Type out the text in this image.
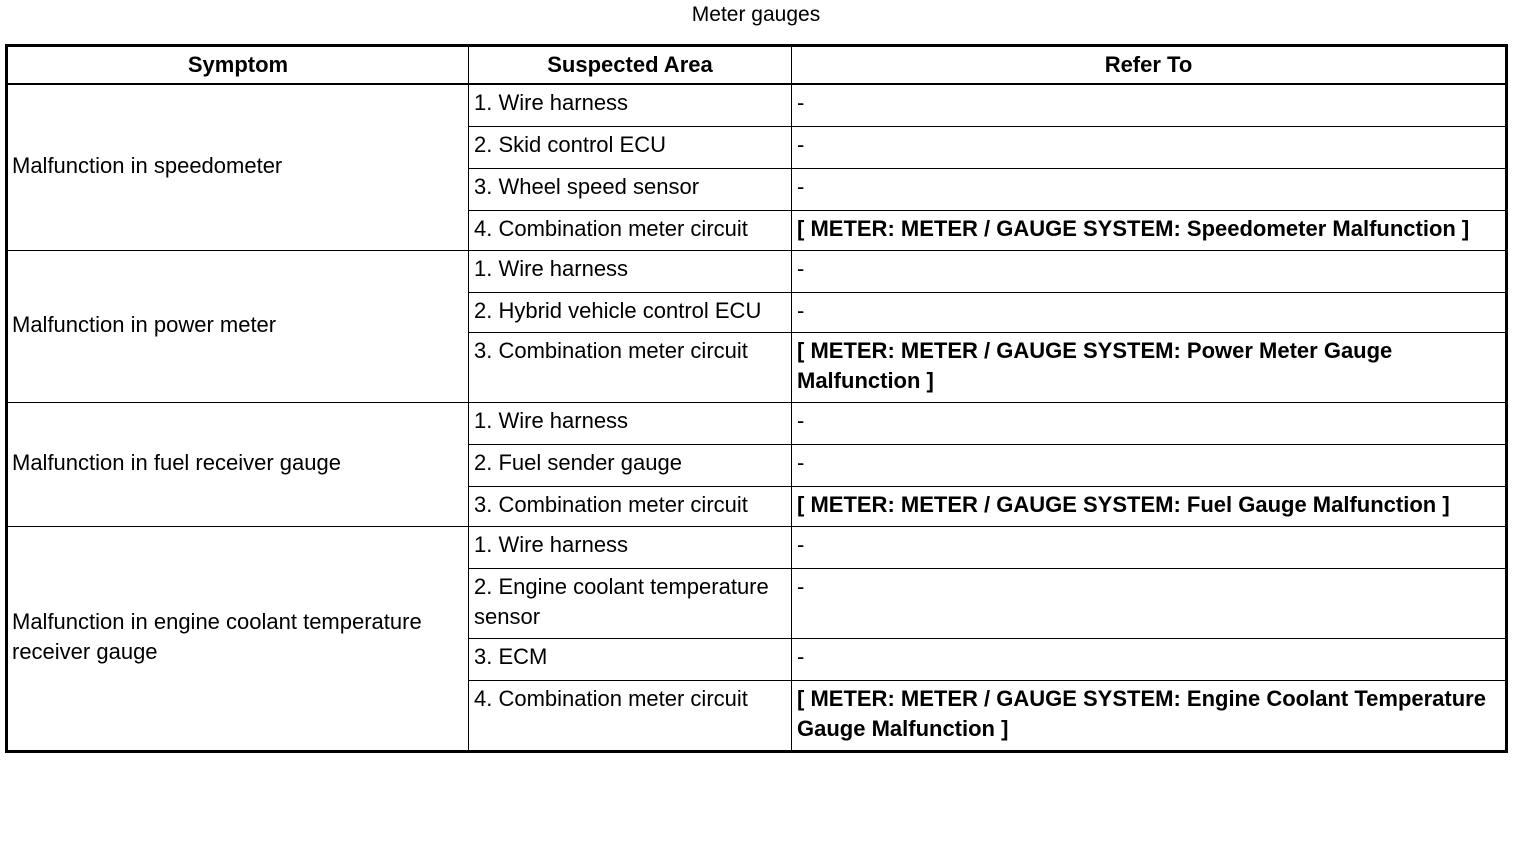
Meter gauges
Symptom	Suspected Area	Refer To
Malfunction in speedometer	1. Wire harness	-
	2. Skid control ECU	-
	3. Wheel speed sensor	-
	4. Combination meter circuit	[ METER: METER / GAUGE SYSTEM: Speedometer Malfunction ]
Malfunction in power meter	1. Wire harness	-
	2. Hybrid vehicle control ECU	-
	3. Combination meter circuit	[ METER: METER / GAUGE SYSTEM: Power Meter Gauge Malfunction ]
Malfunction in fuel receiver gauge	1. Wire harness	-
	2. Fuel sender gauge	-
	3. Combination meter circuit	[ METER: METER / GAUGE SYSTEM: Fuel Gauge Malfunction ]
Malfunction in engine coolant temperature receiver gauge	1. Wire harness	-
	2. Engine coolant temperature sensor	-
	3. ECM	-
	4. Combination meter circuit	[ METER: METER / GAUGE SYSTEM: Engine Coolant Temperature Gauge Malfunction ]
